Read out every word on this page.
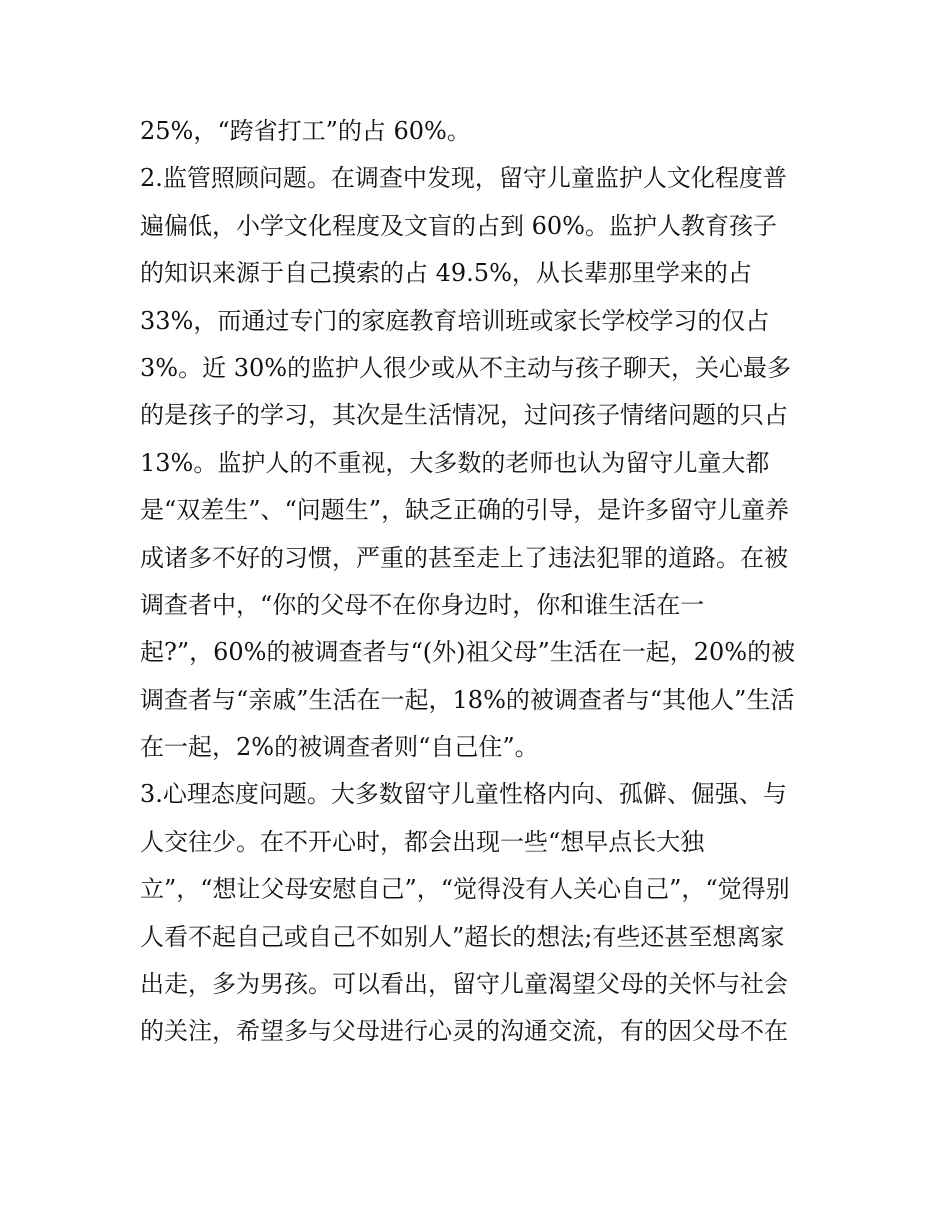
25%，“跨省打工”的占 60%。
2.监管照顾问题。在调查中发现，留守儿童监护人文化程度普
遍偏低，小学文化程度及文盲的占到 60%。监护人教育孩子
的知识来源于自己摸索的占 49.5%，从长辈那里学来的占
33%，而通过专门的家庭教育培训班或家长学校学习的仅占
3%。近 30%的监护人很少或从不主动与孩子聊天，关心最多
的是孩子的学习，其次是生活情况，过问孩子情绪问题的只占
13%。监护人的不重视，大多数的老师也认为留守儿童大都
是“双差生”、“问题生”，缺乏正确的引导，是许多留守儿童养
成诸多不好的习惯，严重的甚至走上了违法犯罪的道路。在被
调查者中，“你的父母不在你身边时，你和谁生活在一
起?”，60%的被调查者与“(外)祖父母”生活在一起，20%的被
调查者与“亲戚”生活在一起，18%的被调查者与“其他人”生活
在一起，2%的被调查者则“自己住”。
3.心理态度问题。大多数留守儿童性格内向、孤僻、倔强、与
人交往少。在不开心时，都会出现一些“想早点长大独
立”，“想让父母安慰自己”，“觉得没有人关心自己”，“觉得别
人看不起自己或自己不如别人”超长的想法;有些还甚至想离家
出走，多为男孩。可以看出，留守儿童渴望父母的关怀与社会
的关注，希望多与父母进行心灵的沟通交流，有的因父母不在
